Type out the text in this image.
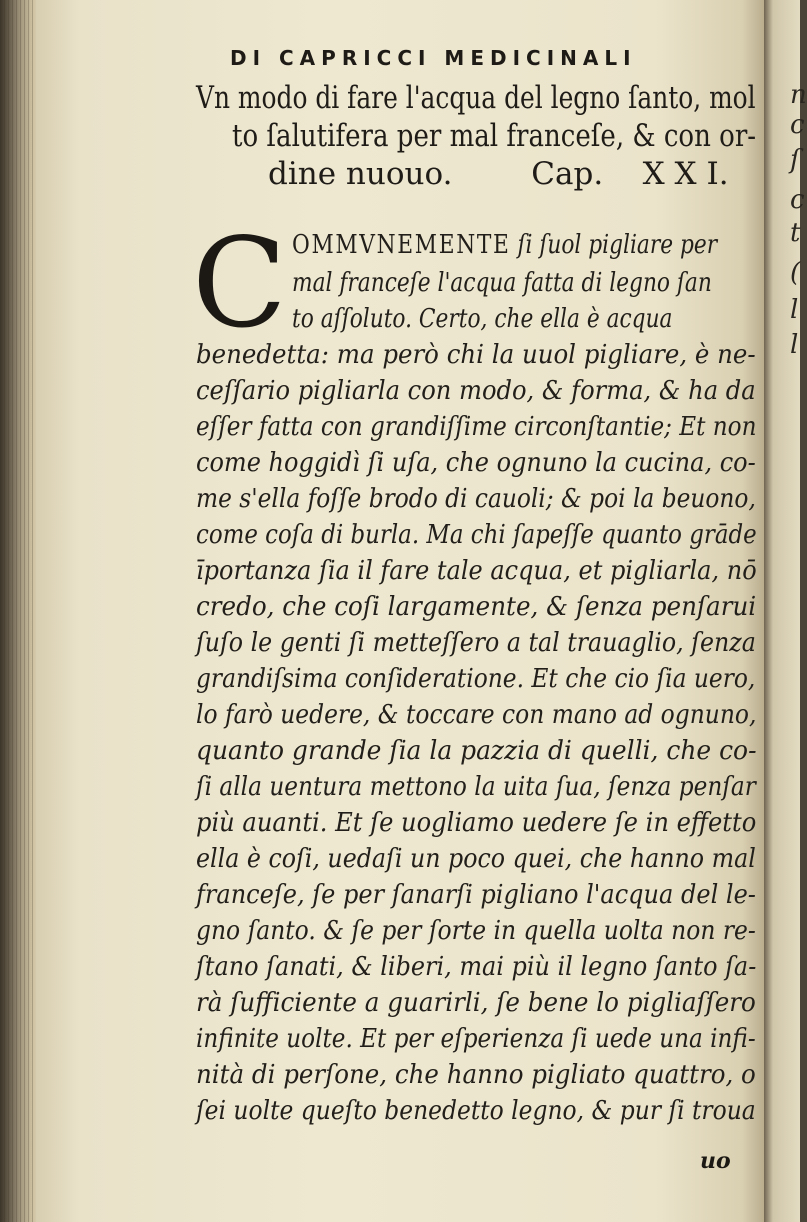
n
c
ſ
c
t
(
l
l
DI CAPRICCI MEDICINALI
Vn modo di fare l'acqua del legno ſanto, mol
to ſalutifera per mal franceſe, & con or-
dine nuouo.        Cap.    X X I.
C OMMVNEMENTE ſi ſuol pigliare per
mal franceſe l'acqua fatta di legno ſan
to aſſoluto. Certo, che ella è acqua
benedetta: ma però chi la uuol pigliare, è ne-
ceſſario pigliarla con modo, & forma, & ha da
eſſer fatta con grandiſſime circonſtantie; Et non
come hoggidì ſi uſa, che ognuno la cucina, co-
me s'ella foſſe brodo di cauoli; & poi la beuono,
come coſa di burla. Ma chi ſapeſſe quanto grāde
īportanza ſia il fare tale acqua, et pigliarla, nō
credo, che coſi largamente, & ſenza penſarui
ſuſo le genti ſi metteſſero a tal trauaglio, ſenza
grandiſsima conſideratione. Et che cio ſia uero,
lo farò uedere, & toccare con mano ad ognuno,
quanto grande ſia la pazzia di quelli, che co-
ſi alla uentura mettono la uita ſua, ſenza penſar
più auanti. Et ſe uogliamo uedere ſe in effetto
ella è coſi, uedaſi un poco quei, che hanno mal
franceſe, ſe per ſanarſi pigliano l'acqua del le-
gno ſanto. & ſe per ſorte in quella uolta non re-
ſtano ſanati, & liberi, mai più il legno ſanto ſa-
rà ſufficiente a guarirli, ſe bene lo pigliaſſero
infinite uolte. Et per eſperienza ſi uede una infi-
nità di perſone, che hanno pigliato quattro, o
ſei uolte queſto benedetto legno, & pur ſi troua
uo
